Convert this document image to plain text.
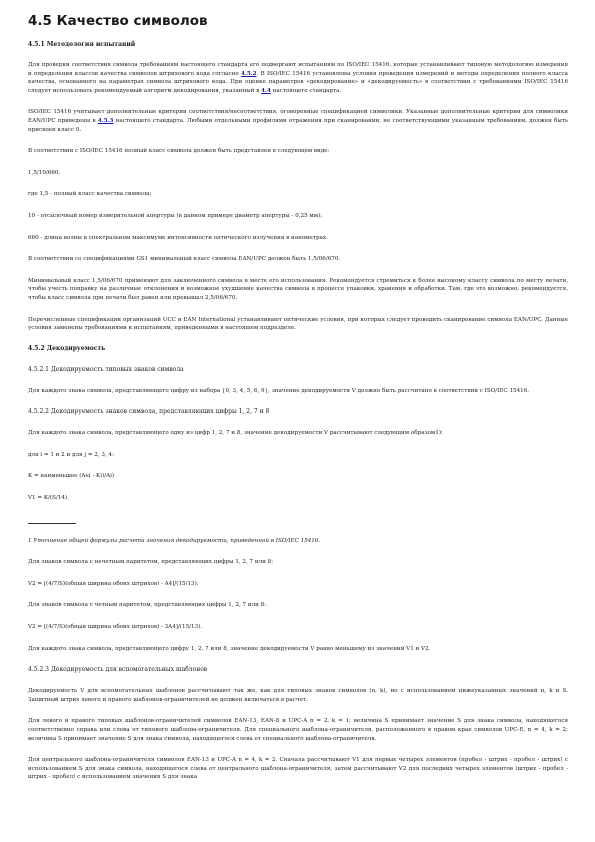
4.5 Качество символов
4.5.1 Методология испытаний

Для проверки соответствия символа требованиям настоящего стандарта его подвергают испытаниям по ISO/IEC 15416, которые устанавливают типовую методологию измерения и определения классов качества символов штрихового кода согласно 4.5.2. В ISO/IEC 15416 установлены условия проведения измерений и методы определения полного класса качества, основанного на параметрах символа штрихового кода. При оценке параметров «декодирование» и «декодируемость» в соответствии с требованиями ISO/IEC 15416 следует использовать рекомендуемый алгоритм декодирования, указанный в 4.4 настоящего стандарта.

ISO/IEC 15416 учитывает дополнительные критерии соответствия/несоответствия, оговоренные спецификацией символики. Указанные дополнительные критерии для символики EAN/UPC приведены в 4.5.3 настоящего стандарта. Любыми отдельными профилями отражения при сканировании, не соответствующими указанным требованиям, должен быть присвоен класс 0.

В соответствии с ISO/IEC 15416 полный класс символа должен быть представлен в следующем виде:

1,5/10/660,

где 1,5 - полный класс качества символа;

10 - отсылочный номер измерительной апертуры (в данном примере диаметр апертуры - 0,25 мм);

660 - длина волны в спектральном максимуме интенсивности оптического излучения в нанометрах.

В соответствии со спецификациями GS1 минимальный класс символа EAN/UPC должен быть 1,5/06/670.

Минимальный класс 1,5/06/670 применяют для заключенного символа в месте его использования. Рекомендуется стремиться к более высокому классу символа по месту печати, чтобы учесть поправку на различные отклонения и возможное ухудшение качества символа в процессе упаковки, хранения и обработки. Там, где это возможно, рекомендуется, чтобы класс символа при печати был равен или превышал 2,5/06/670.

Перечисленные спецификации организаций UCC и EAN International устанавливают оптические условия, при которых следует проводить сканирование символа EAN/UPC. Данные условия заменены требованиями к испытаниям, приведенными в настоящем подразделе.

4.5.2 Декодируемость
4.5.2.1 Декодируемость типовых знаков символа

Для каждого знака символа, представляющего цифру из набора {0, 3, 4, 5, 6, 9}, значение декодируемости V должно быть рассчитано в соответствии с ISO/IEC 15416.

4.5.2.2 Декодируемость знаков символа, представляющих цифры 1, 2, 7 и 8

Для каждого знака символа, представляющего одну из цифр 1, 2, 7 и 8, значение декодируемости V рассчитывают следующим образом1):

для i = 1 и 2 и для j = 2, 3, 4:

K = наименьшее (Aei - Ki)/Ai)

V1 = K/(S/14).

1 Уточнение общей формулы расчета значения декодируемости, приведенной в ISO/IEC 15416.

Для знаков символа с нечетным паритетом, представляющих цифры 1, 2, 7 или 8:

V2 = [(4/7/S)(общая ширина обоих штрихов) - A4]/(15/13).

Для знаков символа с четным паритетом, представляющих цифры 1, 2, 7 или 8:

V2 = [(4/7/S)(общая ширина обоих штрихов) - 3A4]/(15/13).

Для каждого знака символа, представляющего цифру 1, 2, 7 или 8, значение декодируемости V равно меньшему из значений V1 и V2.

4.5.2.3 Декодируемость для вспомогательных шаблонов

Декодируемость V для вспомогательных шаблонов рассчитывают так же, как для типовых знаков символов (n, k), но с использованием нижеуказанных значений n, k и S. Защитный штрих левого и правого шаблонов-ограничителей не должен включаться в расчет.

Для левого и правого типовых шаблонов-ограничителей символов EAN-13, EAN-8 и UPC-A n = 2, k = 1; величина S принимает значение S для знака символа, находящегося соответственно справа или слева от типового шаблона-ограничителя. Для специального шаблона-ограничителя, расположенного в правом крае символов UPC-E, n = 4, k = 2; величина S принимает значение S для знака символа, находящегося слева от специального шаблона-ограничителя.

Для центрального шаблона-ограничителя символов EAN-13 и UPC-A n = 4, k = 2. Сначала рассчитывают V1 для первых четырех элементов (пробел - штрих - пробел - штрих) с использованием S для знака символа, находящегося слева от центрального шаблона-ограничителя, затем рассчитывают V2 для последних четырех элементов (штрих - пробел - штрих - пробел) с использованием значения S для знака
